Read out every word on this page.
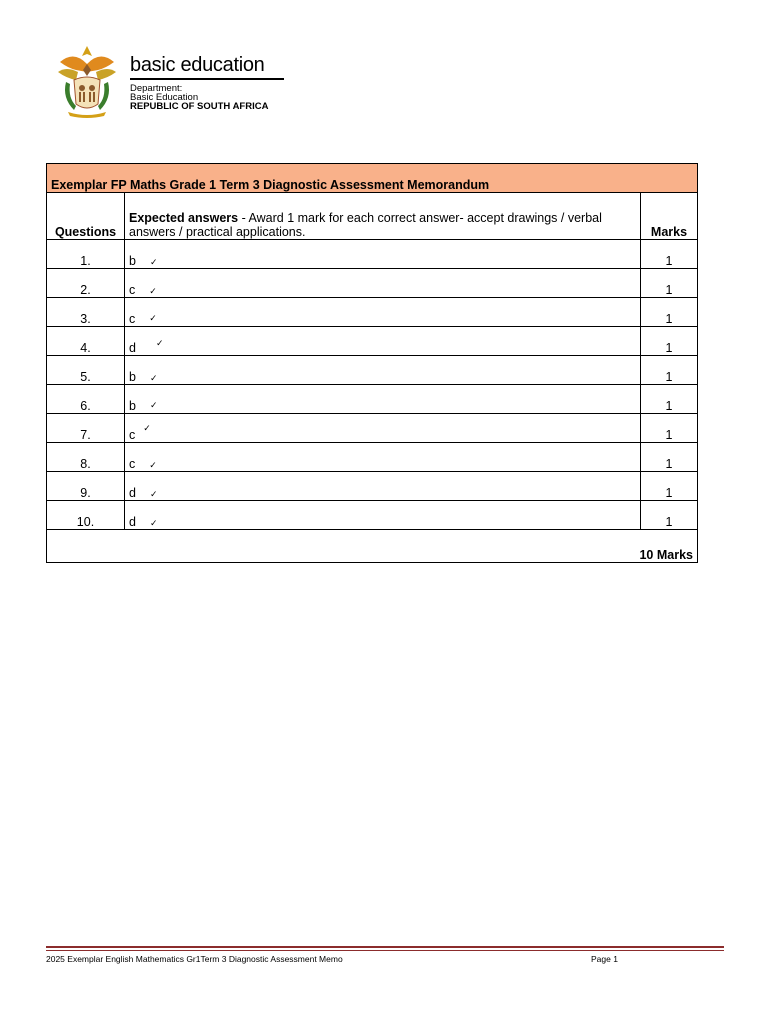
basic education
Department:
Basic Education
REPUBLIC OF SOUTH AFRICA
Exemplar FP Maths Grade 1 Term 3 Diagnostic Assessment Memorandum		
Questions	Expected answers - Award 1 mark for each correct answer- accept drawings / verbal answers / practical applications.	Marks
1.	b ✓	1
2.	c ✓	1
3.	c ✓	1
4.	d ✓	1
5.	b ✓	1
6.	b ✓	1
7.	c ✓	1
8.	c ✓	1
9.	d ✓	1
10.	d ✓	1
10 Marks		
2025 Exemplar English Mathematics Gr1Term 3 Diagnostic Assessment Memo	Page 1
